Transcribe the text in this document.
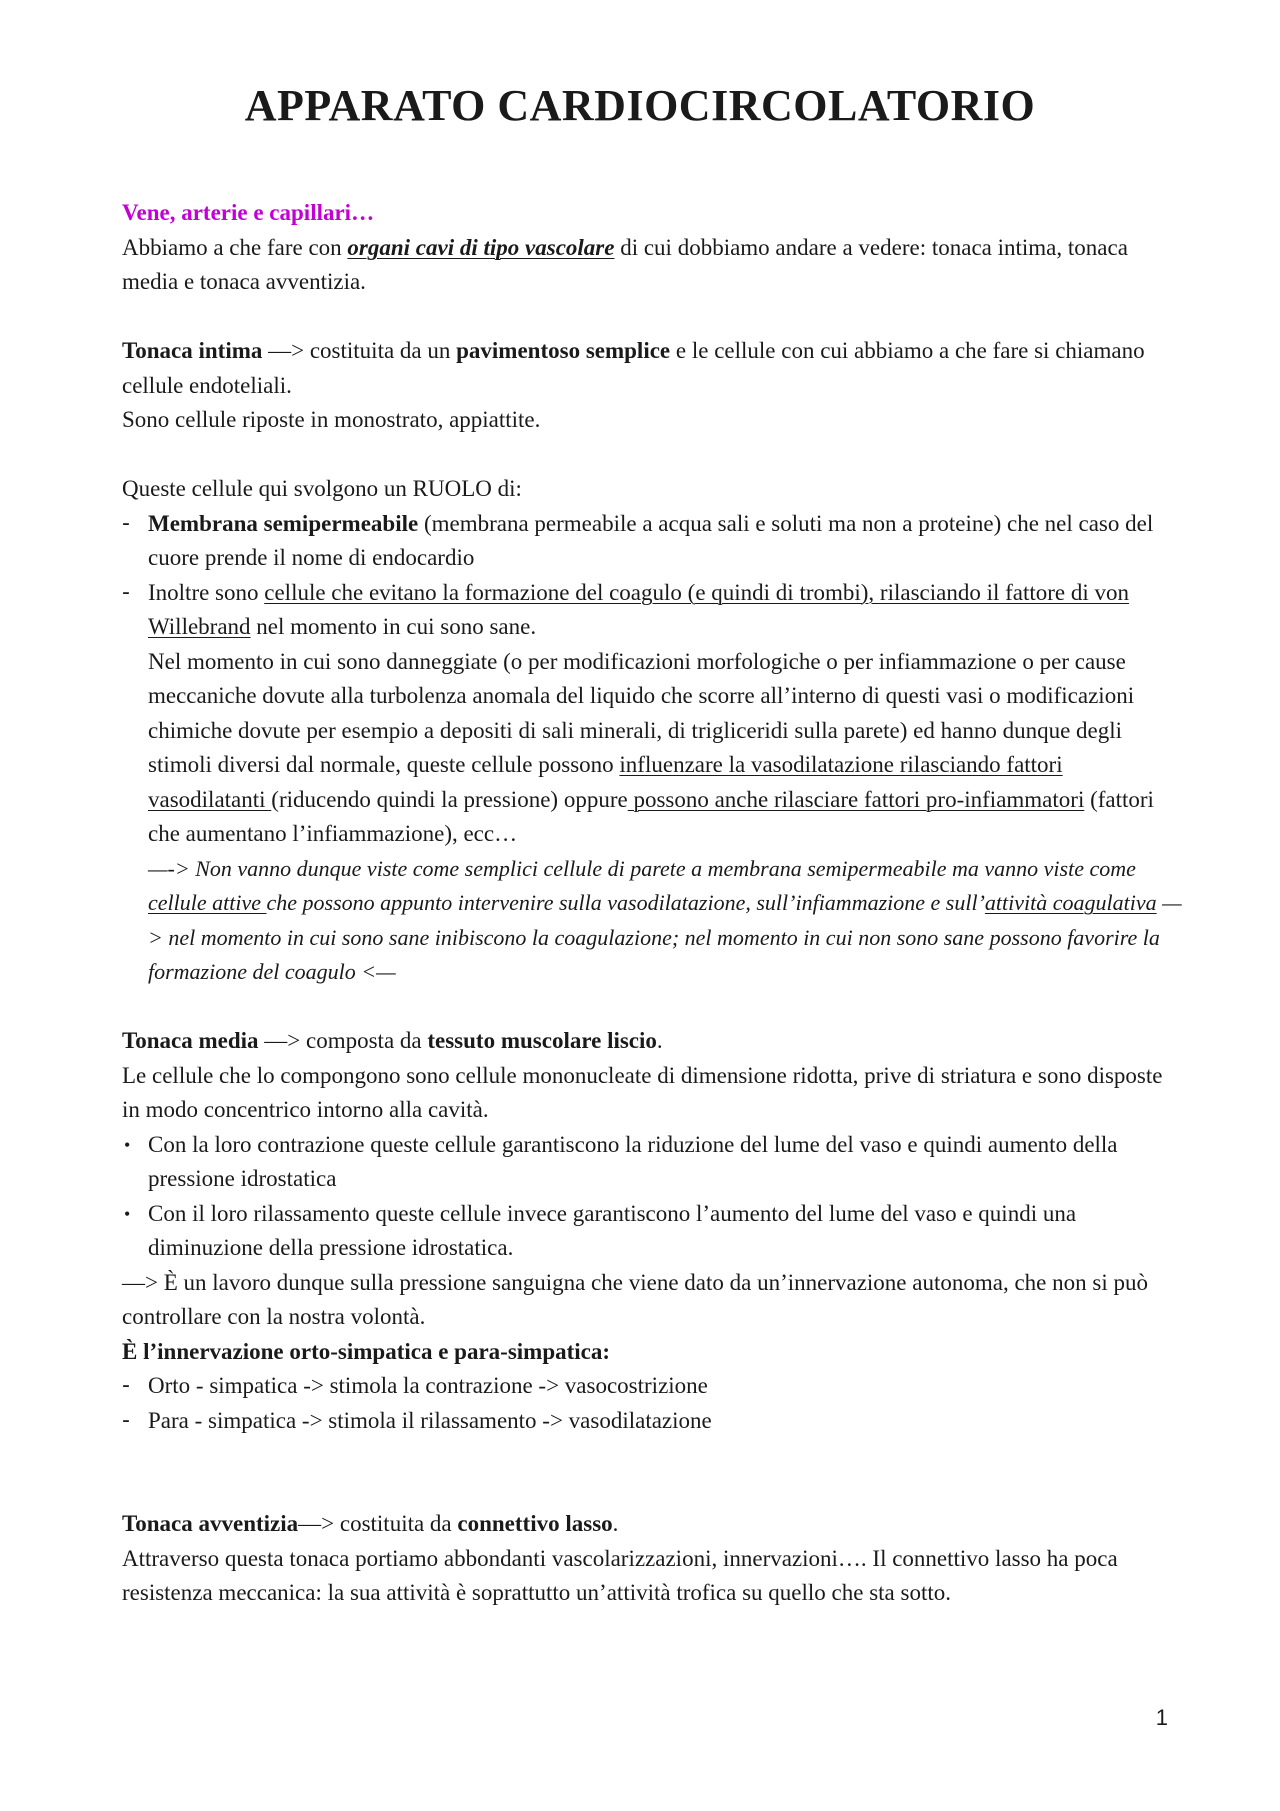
APPARATO CARDIOCIRCOLATORIO

Vene, arterie e capillari…

Abbiamo a che fare con organi cavi di tipo vascolare di cui dobbiamo andare a vedere: tonaca intima, tonaca media e tonaca avventizia.

Tonaca intima —> costituita da un pavimentoso semplice e le cellule con cui abbiamo a che fare si chiamano cellule endoteliali.

Sono cellule riposte in monostrato, appiattite.

Queste cellule qui svolgono un RUOLO di:

- Membrana semipermeabile (membrana permeabile a acqua sali e soluti ma non a proteine) che nel caso del cuore prende il nome di endocardio
- Inoltre sono cellule che evitano la formazione del coagulo (e quindi di trombi), rilasciando il fattore di von Willebrand nel momento in cui sono sane.

Nel momento in cui sono danneggiate (o per modificazioni morfologiche o per infiammazione o per cause meccaniche dovute alla turbolenza anomala del liquido che scorre all’interno di questi vasi o modificazioni chimiche dovute per esempio a depositi di sali minerali, di trigliceridi sulla parete) ed hanno dunque degli stimoli diversi dal normale, queste cellule possono influenzare la vasodilatazione rilasciando fattori vasodilatanti (riducendo quindi la pressione) oppure possono anche rilasciare fattori pro-infiammatori (fattori che aumentano l’infiammazione), ecc…

—-> Non vanno dunque viste come semplici cellule di parete a membrana semipermeabile ma vanno viste come cellule attive che possono appunto intervenire sulla vasodilatazione, sull’infiammazione e sull’attività coagulativa —> nel momento in cui sono sane inibiscono la coagulazione; nel momento in cui non sono sane possono favorire la formazione del coagulo <—

Tonaca media —> composta da tessuto muscolare liscio.

Le cellule che lo compongono sono cellule mononucleate di dimensione ridotta, prive di striatura e sono disposte in modo concentrico intorno alla cavità.

• Con la loro contrazione queste cellule garantiscono la riduzione del lume del vaso e quindi aumento della pressione idrostatica
• Con il loro rilassamento queste cellule invece garantiscono l’aumento del lume del vaso e quindi una diminuzione della pressione idrostatica.

—> È un lavoro dunque sulla pressione sanguigna che viene dato da un’innervazione autonoma, che non si può controllare con la nostra volontà.

È l’innervazione orto-simpatica e para-simpatica:

- Orto - simpatica -> stimola la contrazione -> vasocostrizione
- Para - simpatica -> stimola il rilassamento -> vasodilatazione

Tonaca avventizia—> costituita da connettivo lasso.

Attraverso questa tonaca portiamo abbondanti vascolarizzazioni, innervazioni…. Il connettivo lasso ha poca resistenza meccanica: la sua attività è soprattutto un’attività trofica su quello che sta sotto.

1
